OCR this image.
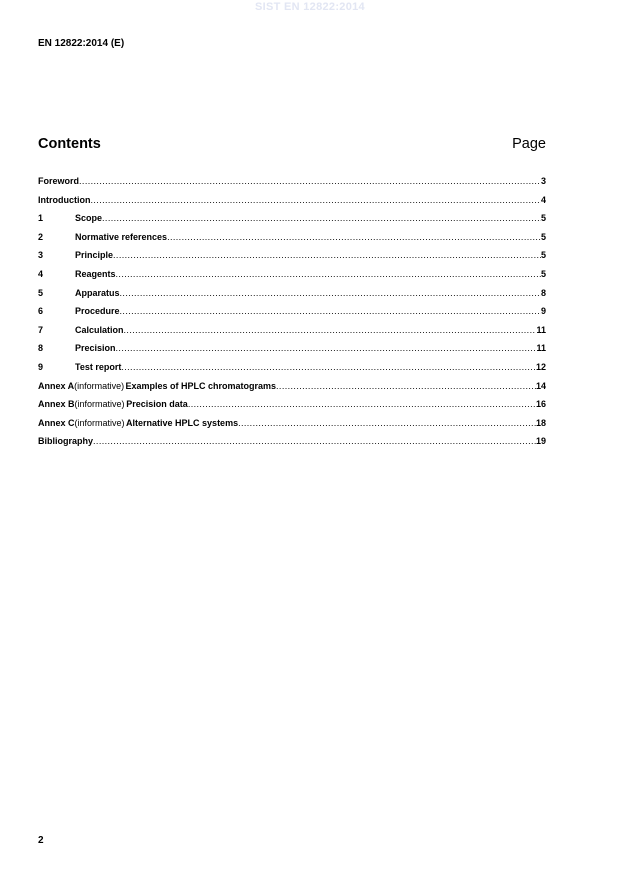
SIST EN 12822:2014
EN 12822:2014 (E)
Contents	Page
Foreword .....	3
Introduction .....	4
1	Scope .....	5
2	Normative references .....	5
3	Principle .....	5
4	Reagents .....	5
5	Apparatus .....	8
6	Procedure .....	9
7	Calculation .....	11
8	Precision .....	11
9	Test report .....	12
Annex A (informative) Examples of HPLC chromatograms .....	14
Annex B (informative) Precision data .....	16
Annex C (informative) Alternative HPLC systems .....	18
Bibliography .....	19
2
